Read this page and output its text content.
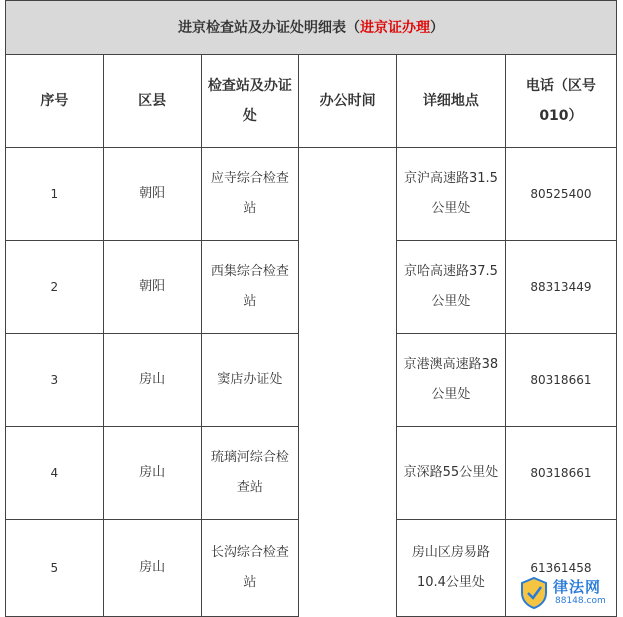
进京检查站及办证处明细表（进京证办理）					
序号	区县	检查站及办证处	办公时间	详细地点	电话（区号010）
1	朝阳	应寺综合检查站		京沪高速路31.5公里处	80525400
2	朝阳	西集综合检查站		京哈高速路37.5公里处	88313449
3	房山	窦店办证处		京港澳高速路38公里处	80318661
4	房山	琉璃河综合检查站		京深路55公里处	80318661
5	房山	长沟综合检查站		房山区房易路10.4公里处	61361458
律法网
88148.com
